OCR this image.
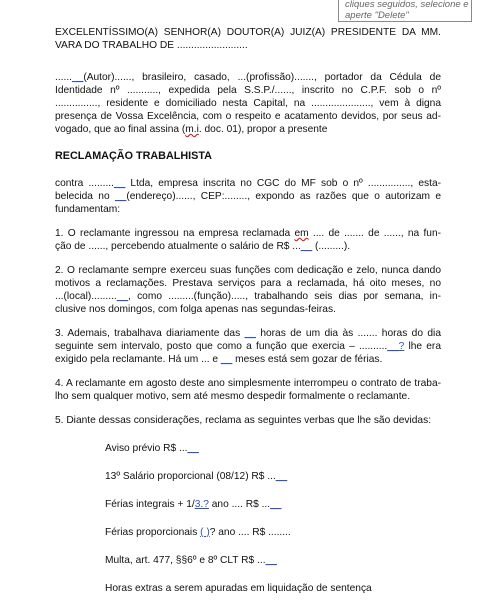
cliques seguidos, selecione e
aperte "Delete"
EXCELENTÍSSIMO(A) SENHOR(A) DOUTOR(A) JUIZ(A) PRESIDENTE DA MM.
VARA DO TRABALHO DE .........................
......__(Autor)......, brasileiro, casado, ...(profissão)......., portador da Cédula de
Identidade nº ..........., expedida pela S.S.P./......, inscrito no C.P.F. sob o nº
..............., residente e domiciliado nesta Capital, na ....................., vem à digna
presença de Vossa Excelência, com o respeito e acatamento devidos, por seus ad-
vogado, que ao final assina (m.i. doc. 01), propor a presente
RECLAMAÇÃO TRABALHISTA
contra .........__ Ltda, empresa inscrita no CGC do MF sob o nº ..............., esta-
belecida no __(endereço)......, CEP:........, expondo as razões que o autorizam e
fundamentam:
1. O reclamante ingressou na empresa reclamada em .... de ....... de ......, na fun-
ção de ......, percebendo atualmente o salário de R$ ...__ (.........).
2. O reclamante sempre exerceu suas funções com dedicação e zelo, nunca dando
motivos a reclamações. Prestava serviços para a reclamada, há oito meses, no
...(local).........__, como .........(função)....., trabalhando seis dias por semana, in-
clusive nos domingos, com folga apenas nas segundas-feiras.
3. Ademais, trabalhava diariamente das __ horas de um dia às ....... horas do dia
seguinte sem intervalo, posto que como a função que exercia – ..........__? lhe era
exigido pela reclamante. Há um ... e __ meses está sem gozar de férias.
4. A reclamante em agosto deste ano simplesmente interrompeu o contrato de traba-
lho sem qualquer motivo, sem até mesmo despedir formalmente o reclamante.
5. Diante dessas considerações, reclama as seguintes verbas que lhe são devidas:
Aviso prévio R$ ...__
13º Salário proporcional (08/12) R$ ...__
Férias integrais + 1/3.? ano .... R$ ...__
Férias proporcionais ( )? ano .... R$ ........
Multa, art. 477, §§6º e 8º CLT R$ ...__
Horas extras a serem apuradas em liquidação de sentença
